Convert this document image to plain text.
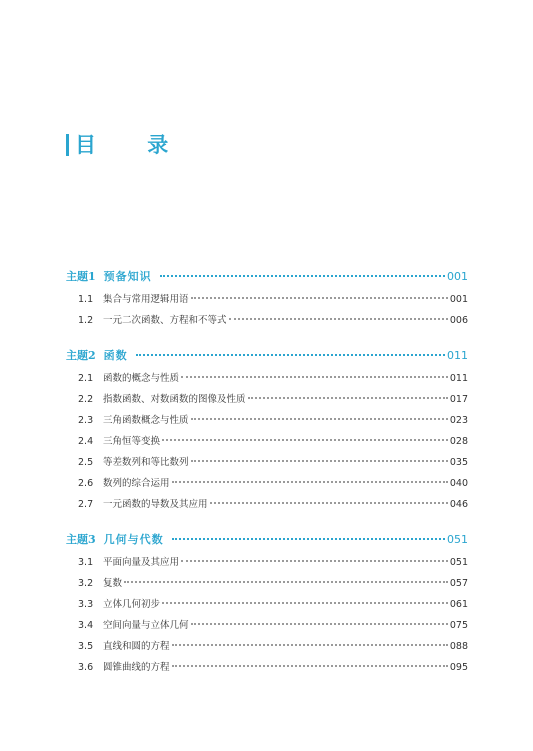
目 录
主题1 预备知识	001
1.1	集合与常用逻辑用语	001
1.2	一元二次函数、方程和不等式	006
主题2 函数	011
2.1	函数的概念与性质	011
2.2	指数函数、对数函数的图像及性质	017
2.3	三角函数概念与性质	023
2.4	三角恒等变换	028
2.5	等差数列和等比数列	035
2.6	数列的综合运用	040
2.7	一元函数的导数及其应用	046
主题3 几何与代数	051
3.1	平面向量及其应用	051
3.2	复数	057
3.3	立体几何初步	061
3.4	空间向量与立体几何	075
3.5	直线和圆的方程	088
3.6	圆锥曲线的方程	095
